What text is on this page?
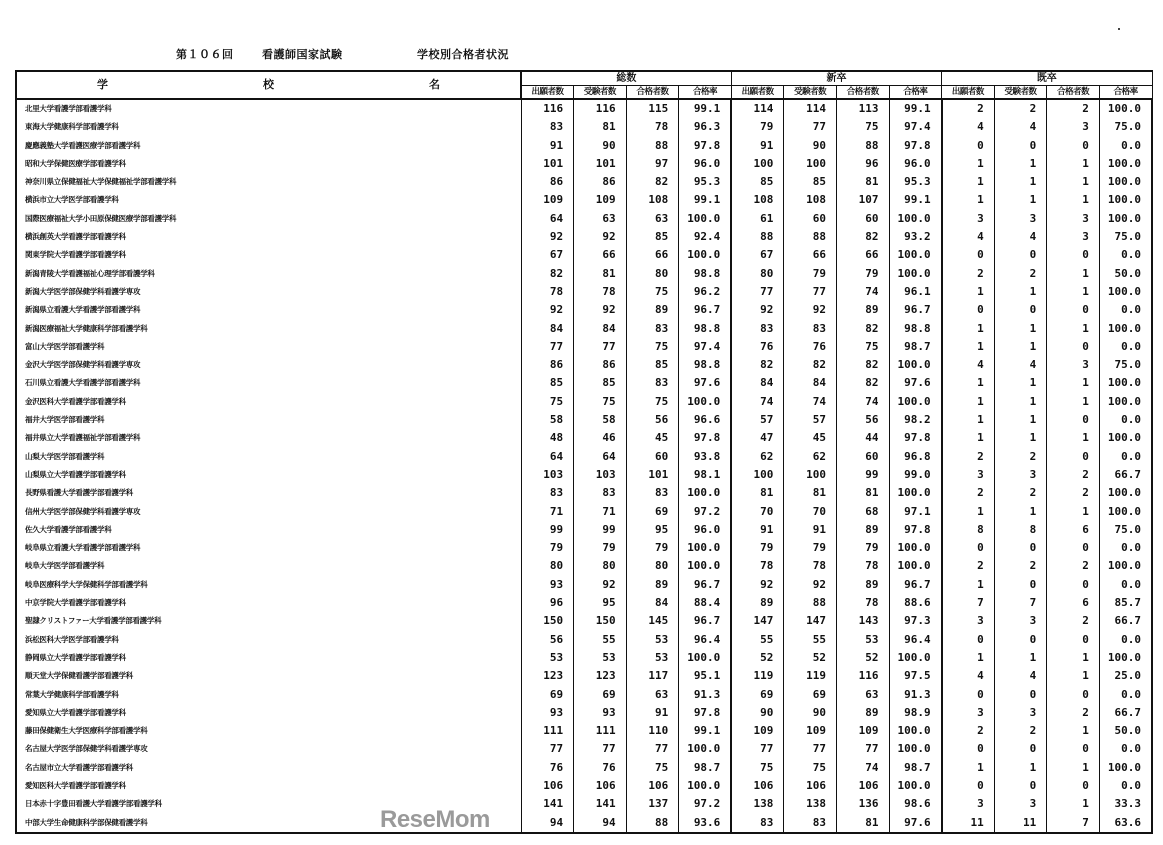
第１０６回	看護師国家試験	学校別合格者状況
学 校 名	総数				新卒				既卒			
	出願者数	受験者数	合格者数	合格率	出願者数	受験者数	合格者数	合格率	出願者数	受験者数	合格者数	合格率
北里大学看護学部看護学科	116	116	115	99.1	114	114	113	99.1	2	2	2	100.0
東海大学健康科学部看護学科	83	81	78	96.3	79	77	75	97.4	4	4	3	75.0
慶應義塾大学看護医療学部看護学科	91	90	88	97.8	91	90	88	97.8	0	0	0	0.0
昭和大学保健医療学部看護学科	101	101	97	96.0	100	100	96	96.0	1	1	1	100.0
神奈川県立保健福祉大学保健福祉学部看護学科	86	86	82	95.3	85	85	81	95.3	1	1	1	100.0
横浜市立大学医学部看護学科	109	109	108	99.1	108	108	107	99.1	1	1	1	100.0
国際医療福祉大学小田原保健医療学部看護学科	64	63	63	100.0	61	60	60	100.0	3	3	3	100.0
横浜創英大学看護学部看護学科	92	92	85	92.4	88	88	82	93.2	4	4	3	75.0
関東学院大学看護学部看護学科	67	66	66	100.0	67	66	66	100.0	0	0	0	0.0
新潟青陵大学看護福祉心理学部看護学科	82	81	80	98.8	80	79	79	100.0	2	2	1	50.0
新潟大学医学部保健学科看護学専攻	78	78	75	96.2	77	77	74	96.1	1	1	1	100.0
新潟県立看護大学看護学部看護学科	92	92	89	96.7	92	92	89	96.7	0	0	0	0.0
新潟医療福祉大学健康科学部看護学科	84	84	83	98.8	83	83	82	98.8	1	1	1	100.0
富山大学医学部看護学科	77	77	75	97.4	76	76	75	98.7	1	1	0	0.0
金沢大学医学部保健学科看護学専攻	86	86	85	98.8	82	82	82	100.0	4	4	3	75.0
石川県立看護大学看護学部看護学科	85	85	83	97.6	84	84	82	97.6	1	1	1	100.0
金沢医科大学看護学部看護学科	75	75	75	100.0	74	74	74	100.0	1	1	1	100.0
福井大学医学部看護学科	58	58	56	96.6	57	57	56	98.2	1	1	0	0.0
福井県立大学看護福祉学部看護学科	48	46	45	97.8	47	45	44	97.8	1	1	1	100.0
山梨大学医学部看護学科	64	64	60	93.8	62	62	60	96.8	2	2	0	0.0
山梨県立大学看護学部看護学科	103	103	101	98.1	100	100	99	99.0	3	3	2	66.7
長野県看護大学看護学部看護学科	83	83	83	100.0	81	81	81	100.0	2	2	2	100.0
信州大学医学部保健学科看護学専攻	71	71	69	97.2	70	70	68	97.1	1	1	1	100.0
佐久大学看護学部看護学科	99	99	95	96.0	91	91	89	97.8	8	8	6	75.0
岐阜県立看護大学看護学部看護学科	79	79	79	100.0	79	79	79	100.0	0	0	0	0.0
岐阜大学医学部看護学科	80	80	80	100.0	78	78	78	100.0	2	2	2	100.0
岐阜医療科学大学保健科学部看護学科	93	92	89	96.7	92	92	89	96.7	1	0	0	0.0
中京学院大学看護学部看護学科	96	95	84	88.4	89	88	78	88.6	7	7	6	85.7
聖隷クリストファー大学看護学部看護学科	150	150	145	96.7	147	147	143	97.3	3	3	2	66.7
浜松医科大学医学部看護学科	56	55	53	96.4	55	55	53	96.4	0	0	0	0.0
静岡県立大学看護学部看護学科	53	53	53	100.0	52	52	52	100.0	1	1	1	100.0
順天堂大学保健看護学部看護学科	123	123	117	95.1	119	119	116	97.5	4	4	1	25.0
常葉大学健康科学部看護学科	69	69	63	91.3	69	69	63	91.3	0	0	0	0.0
愛知県立大学看護学部看護学科	93	93	91	97.8	90	90	89	98.9	3	3	2	66.7
藤田保健衛生大学医療科学部看護学科	111	111	110	99.1	109	109	109	100.0	2	2	1	50.0
名古屋大学医学部保健学科看護学専攻	77	77	77	100.0	77	77	77	100.0	0	0	0	0.0
名古屋市立大学看護学部看護学科	76	76	75	98.7	75	75	74	98.7	1	1	1	100.0
愛知医科大学看護学部看護学科	106	106	106	100.0	106	106	106	100.0	0	0	0	0.0
日本赤十字豊田看護大学看護学部看護学科	141	141	137	97.2	138	138	136	98.6	3	3	1	33.3
中部大学生命健康科学部保健看護学科	94	94	88	93.6	83	83	81	97.6	11	11	7	63.6
ReseMom
